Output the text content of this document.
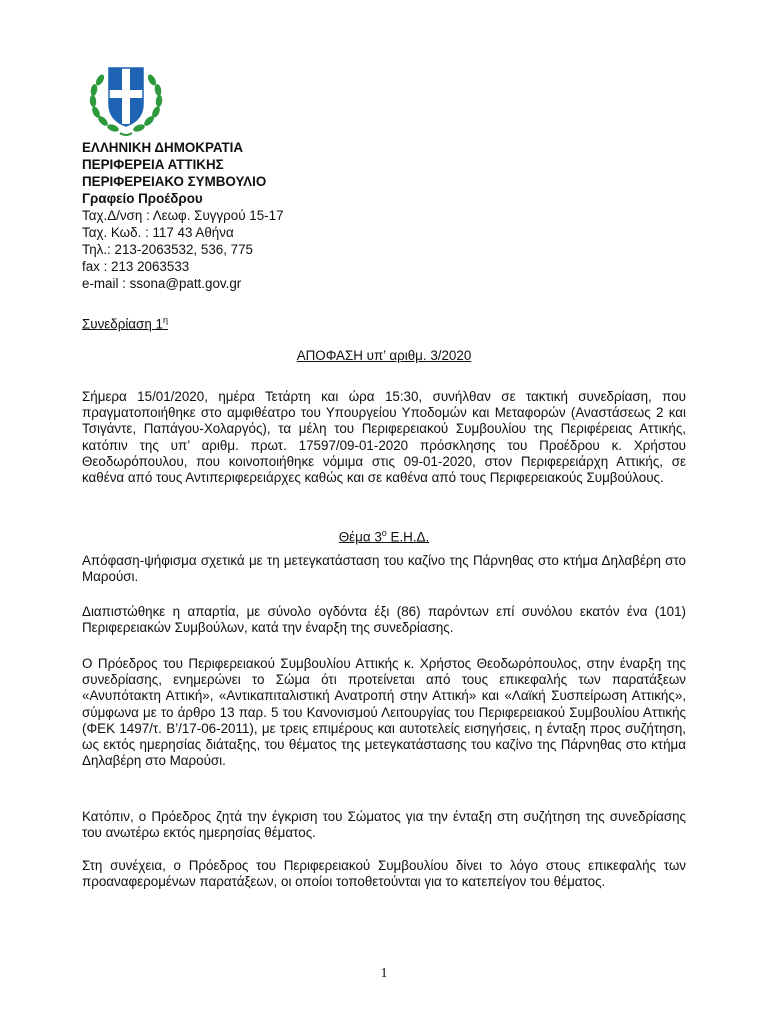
ΕΛΛΗΝΙΚΗ ΔΗΜΟΚΡΑΤΙΑ
ΠΕΡΙΦΕΡΕΙΑ ΑΤΤΙΚΗΣ
ΠΕΡΙΦΕΡΕΙΑΚΟ ΣΥΜΒΟΥΛΙΟ
Γραφείο Προέδρου
Ταχ.Δ/νση : Λεωφ. Συγγρού 15-17
Ταχ. Κωδ. : 117 43 Αθήνα
Τηλ.: 213-2063532, 536, 775
fax : 213 2063533
e-mail : ssona@patt.gov.gr
Συνεδρίαση $1^\eta$
ΑΠΟΦΑΣΗ υπ’ αριθμ. 3/2020

Σήμερα 15/01/2020, ημέρα Τετάρτη και ώρα 15:30, συνήλθαν σε τακτική συνεδρίαση, που πραγματοποιήθηκε στο αμφιθέατρο του Υπουργείου Υποδομών και Μεταφορών (Αναστάσεως 2 και Τσιγάντε, Παπάγου-Χολαργός), τα μέλη του Περιφερειακού Συμβουλίου της Περιφέρειας Αττικής, κατόπιν της υπ’ αριθμ. πρωτ. 17597/09-01-2020 πρόσκλησης του Προέδρου κ. Χρήστου Θεοδωρόπουλου, που κοινοποιήθηκε νόμιμα στις 09-01-2020, στον Περιφερειάρχη Αττικής, σε καθένα από τους Αντιπεριφερειάρχες καθώς και σε καθένα από τους Περιφερειακούς Συμβούλους.

Θέμα $3^o$ Ε.Η.Δ.

Απόφαση-ψήφισμα σχετικά με τη μετεγκατάσταση του καζίνο της Πάρνηθας στο κτήμα Δηλαβέρη στο Μαρούσι.

Διαπιστώθηκε η απαρτία, με σύνολο ογδόντα έξι (86) παρόντων επί συνόλου εκατόν ένα (101) Περιφερειακών Συμβούλων, κατά την έναρξη της συνεδρίασης.

Ο Πρόεδρος του Περιφερειακού Συμβουλίου Αττικής κ. Χρήστος Θεοδωρόπουλος, στην έναρξη της συνεδρίασης, ενημερώνει το Σώμα ότι προτείνεται από τους επικεφαλής των παρατάξεων «Ανυπότακτη Αττική», «Αντικαπιταλιστική Ανατροπή στην Αττική» και «Λαϊκή Συσπείρωση Αττικής», σύμφωνα με το άρθρο 13 παρ. 5 του Κανονισμού Λειτουργίας του Περιφερειακού Συμβουλίου Αττικής (ΦΕΚ 1497/τ. Β’/17-06-2011), με τρεις επιμέρους και αυτοτελείς εισηγήσεις, η ένταξη προς συζήτηση, ως εκτός ημερησίας διάταξης, του θέματος της μετεγκατάστασης του καζίνο της Πάρνηθας στο κτήμα Δηλαβέρη στο Μαρούσι.

Κατόπιν, ο Πρόεδρος ζητά την έγκριση του Σώματος για την ένταξη στη συζήτηση της συνεδρίασης του ανωτέρω εκτός ημερησίας θέματος.

Στη συνέχεια, ο Πρόεδρος του Περιφερειακού Συμβουλίου δίνει το λόγο στους επικεφαλής των προαναφερομένων παρατάξεων, οι οποίοι τοποθετούνται για το κατεπείγον του θέματος.

1
